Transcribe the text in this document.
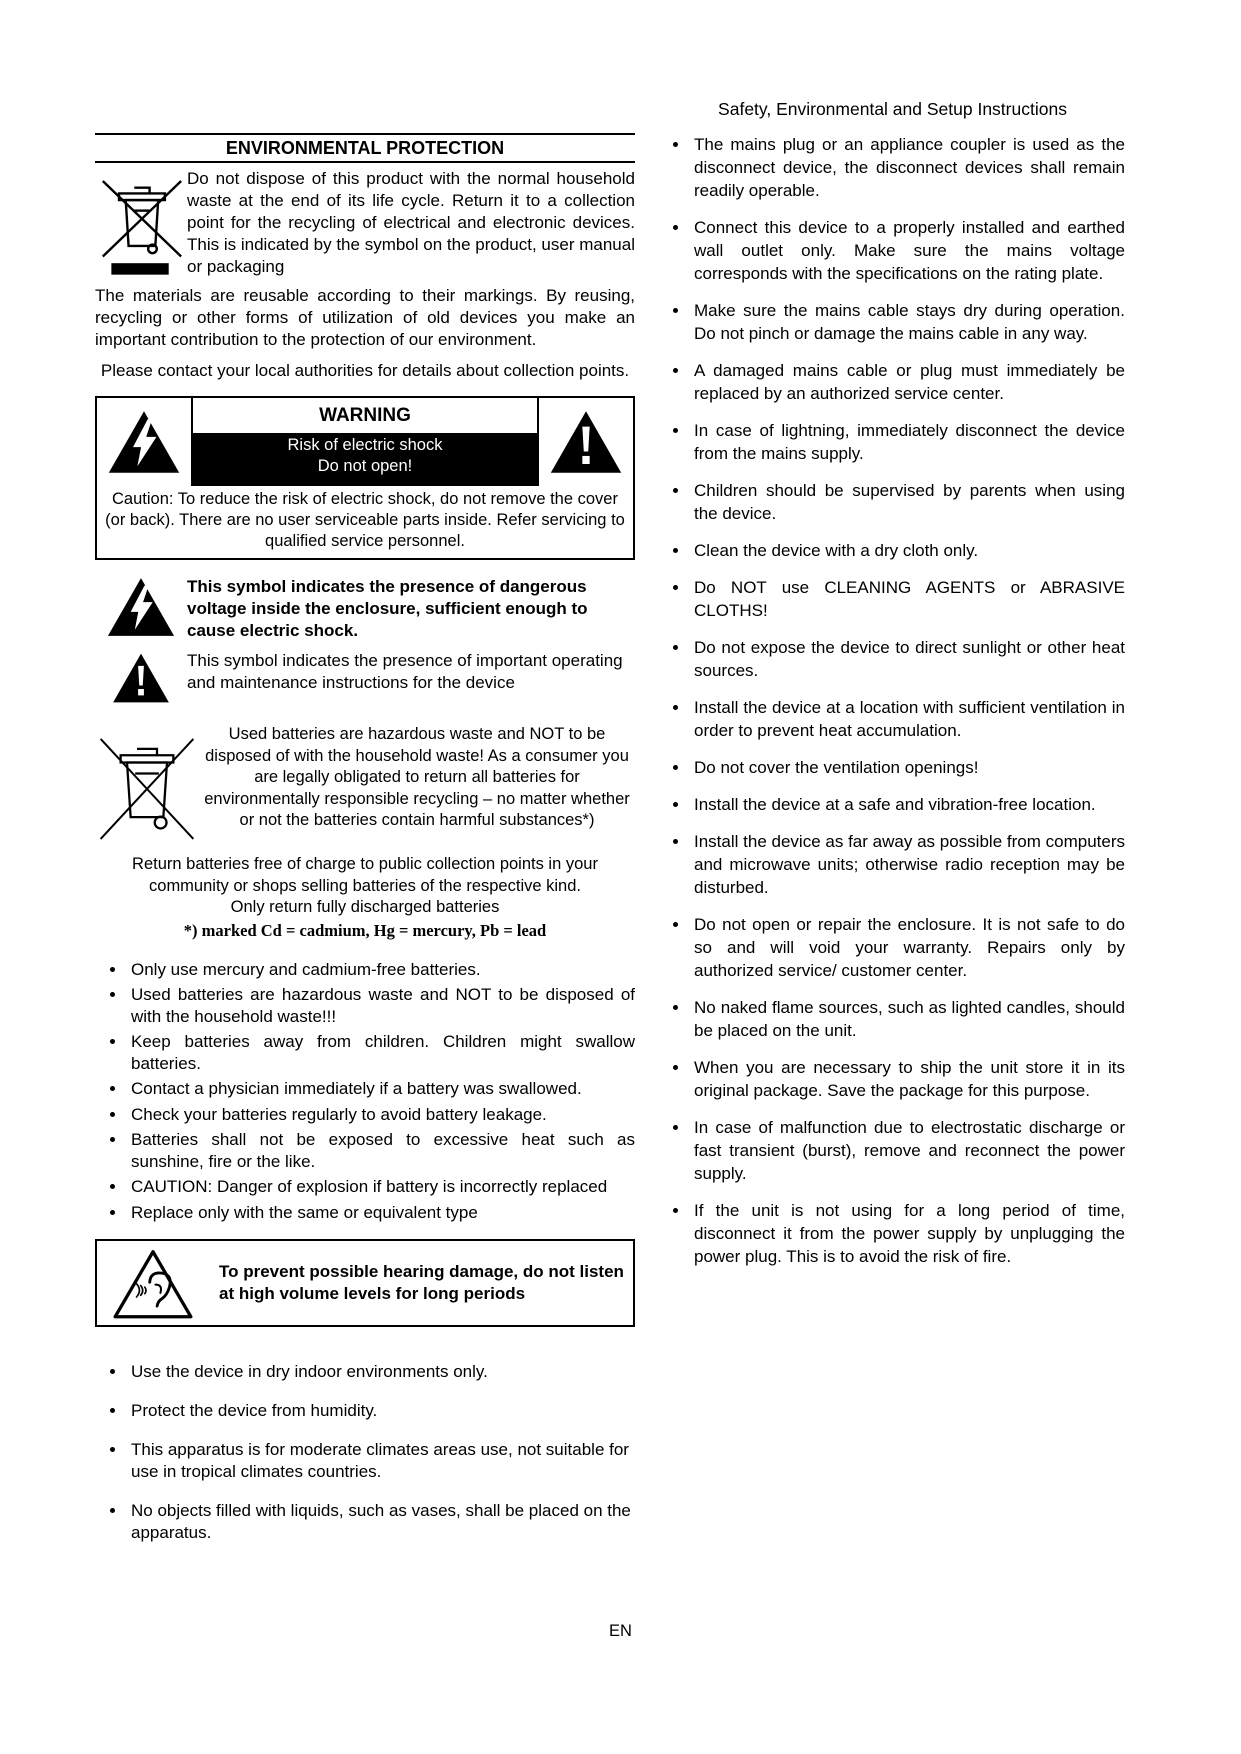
ENVIRONMENTAL PROTECTION
Do not dispose of this product with the normal household waste at the end of its life cycle. Return it to a collection point for the recycling of electrical and electronic devices. This is indicated by the symbol on the product, user manual or packaging
The materials are reusable according to their markings. By reusing, recycling or other forms of utilization of old devices you make an important contribution to the protection of our environment.
Please contact your local authorities for details about collection points.
WARNING
Risk of electric shock
Do not open!
Caution: To reduce the risk of electric shock, do not remove the cover (or back). There are no user serviceable parts inside. Refer servicing to qualified service personnel.
This symbol indicates the presence of dangerous voltage inside the enclosure, sufficient enough to cause electric shock.
This symbol indicates the presence of important operating and maintenance instructions for the device
Used batteries are hazardous waste and NOT to be disposed of with the household waste! As a consumer you are legally obligated to return all batteries for environmentally responsible recycling – no matter whether or not the batteries contain harmful substances*)
Return batteries free of charge to public collection points in your community or shops selling batteries of the respective kind.
Only return fully discharged batteries
*) marked Cd = cadmium, Hg = mercury, Pb = lead
• Only use mercury and cadmium-free batteries.
• Used batteries are hazardous waste and NOT to be disposed of with the household waste!!!
• Keep batteries away from children. Children might swallow batteries.
• Contact a physician immediately if a battery was swallowed.
• Check your batteries regularly to avoid battery leakage.
• Batteries shall not be exposed to excessive heat such as sunshine, fire or the like.
• CAUTION: Danger of explosion if battery is incorrectly replaced
• Replace only with the same or equivalent type
To prevent possible hearing damage, do not listen at high volume levels for long periods
• Use the device in dry indoor environments only.
• Protect the device from humidity.
• This apparatus is for moderate climates areas use, not suitable for use in tropical climates countries.
• No objects filled with liquids, such as vases, shall be placed on the apparatus.
Safety, Environmental and Setup Instructions
• The mains plug or an appliance coupler is used as the disconnect device, the disconnect devices shall remain readily operable.
• Connect this device to a properly installed and earthed wall outlet only. Make sure the mains voltage corresponds with the specifications on the rating plate.
• Make sure the mains cable stays dry during operation. Do not pinch or damage the mains cable in any way.
• A damaged mains cable or plug must immediately be replaced by an authorized service center.
• In case of lightning, immediately disconnect the device from the mains supply.
• Children should be supervised by parents when using the device.
• Clean the device with a dry cloth only.
• Do NOT use CLEANING AGENTS or ABRASIVE CLOTHS!
• Do not expose the device to direct sunlight or other heat sources.
• Install the device at a location with sufficient ventilation in order to prevent heat accumulation.
• Do not cover the ventilation openings!
• Install the device at a safe and vibration-free location.
• Install the device as far away as possible from computers and microwave units; otherwise radio reception may be disturbed.
• Do not open or repair the enclosure. It is not safe to do so and will void your warranty. Repairs only by authorized service/ customer center.
• No naked flame sources, such as lighted candles, should be placed on the unit.
• When you are necessary to ship the unit store it in its original package. Save the package for this purpose.
• In case of malfunction due to electrostatic discharge or fast transient (burst), remove and reconnect the power supply.
• If the unit is not using for a long period of time, disconnect it from the power supply by unplugging the power plug. This is to avoid the risk of fire.
EN
